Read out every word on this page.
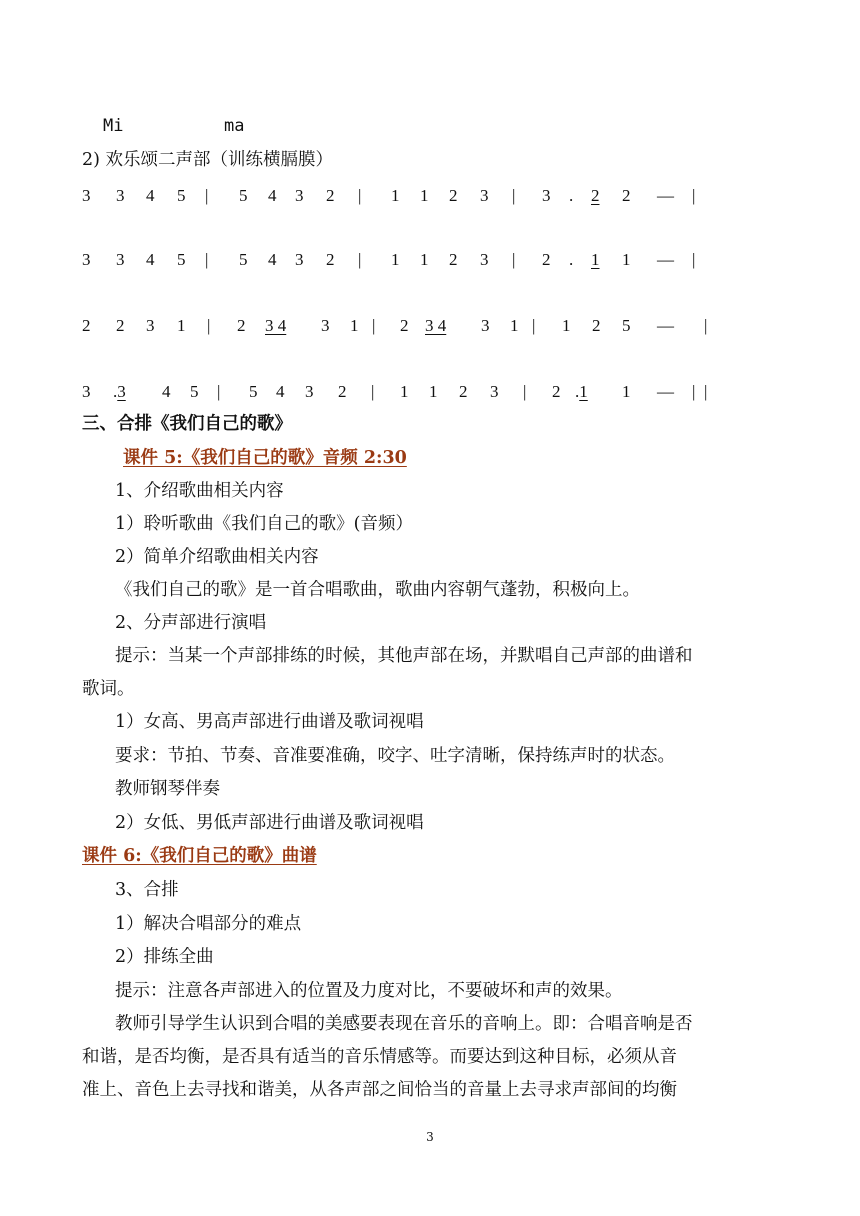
Mi	ma
2) 欢乐颂二声部（训练横膈膜）
3 3 4 5 | 5 4 3 2 | 1 1 2 3 | 3 . 2 2 — |
3 3 4 5 | 5 4 3 2 | 1 1 2 3 | 2 . 1 1 — |
2 2 3 1 | 2 3 4 3 1 | 2 3 4 3 1 | 1 2 5 — |
3 .3 4 5 | 5 4 3 2 | 1 1 2 3 | 2 .1 1 — | |
三、合排《我们自己的歌》
课件 5:《我们自己的歌》音频 2:30
1、介绍歌曲相关内容
1）聆听歌曲《我们自己的歌》(音频）
2）简单介绍歌曲相关内容
《我们自己的歌》是一首合唱歌曲，歌曲内容朝气蓬勃，积极向上。
2、分声部进行演唱
提示：当某一个声部排练的时候，其他声部在场，并默唱自己声部的曲谱和
歌词。
1）女高、男高声部进行曲谱及歌词视唱
要求：节拍、节奏、音准要准确，咬字、吐字清晰，保持练声时的状态。
教师钢琴伴奏
2）女低、男低声部进行曲谱及歌词视唱
课件 6:《我们自己的歌》曲谱
3、合排
1）解决合唱部分的难点
2）排练全曲
提示：注意各声部进入的位置及力度对比，不要破坏和声的效果。
教师引导学生认识到合唱的美感要表现在音乐的音响上。即：合唱音响是否
和谐，是否均衡，是否具有适当的音乐情感等。而要达到这种目标，必须从音
准上、音色上去寻找和谐美，从各声部之间恰当的音量上去寻求声部间的均衡
3
